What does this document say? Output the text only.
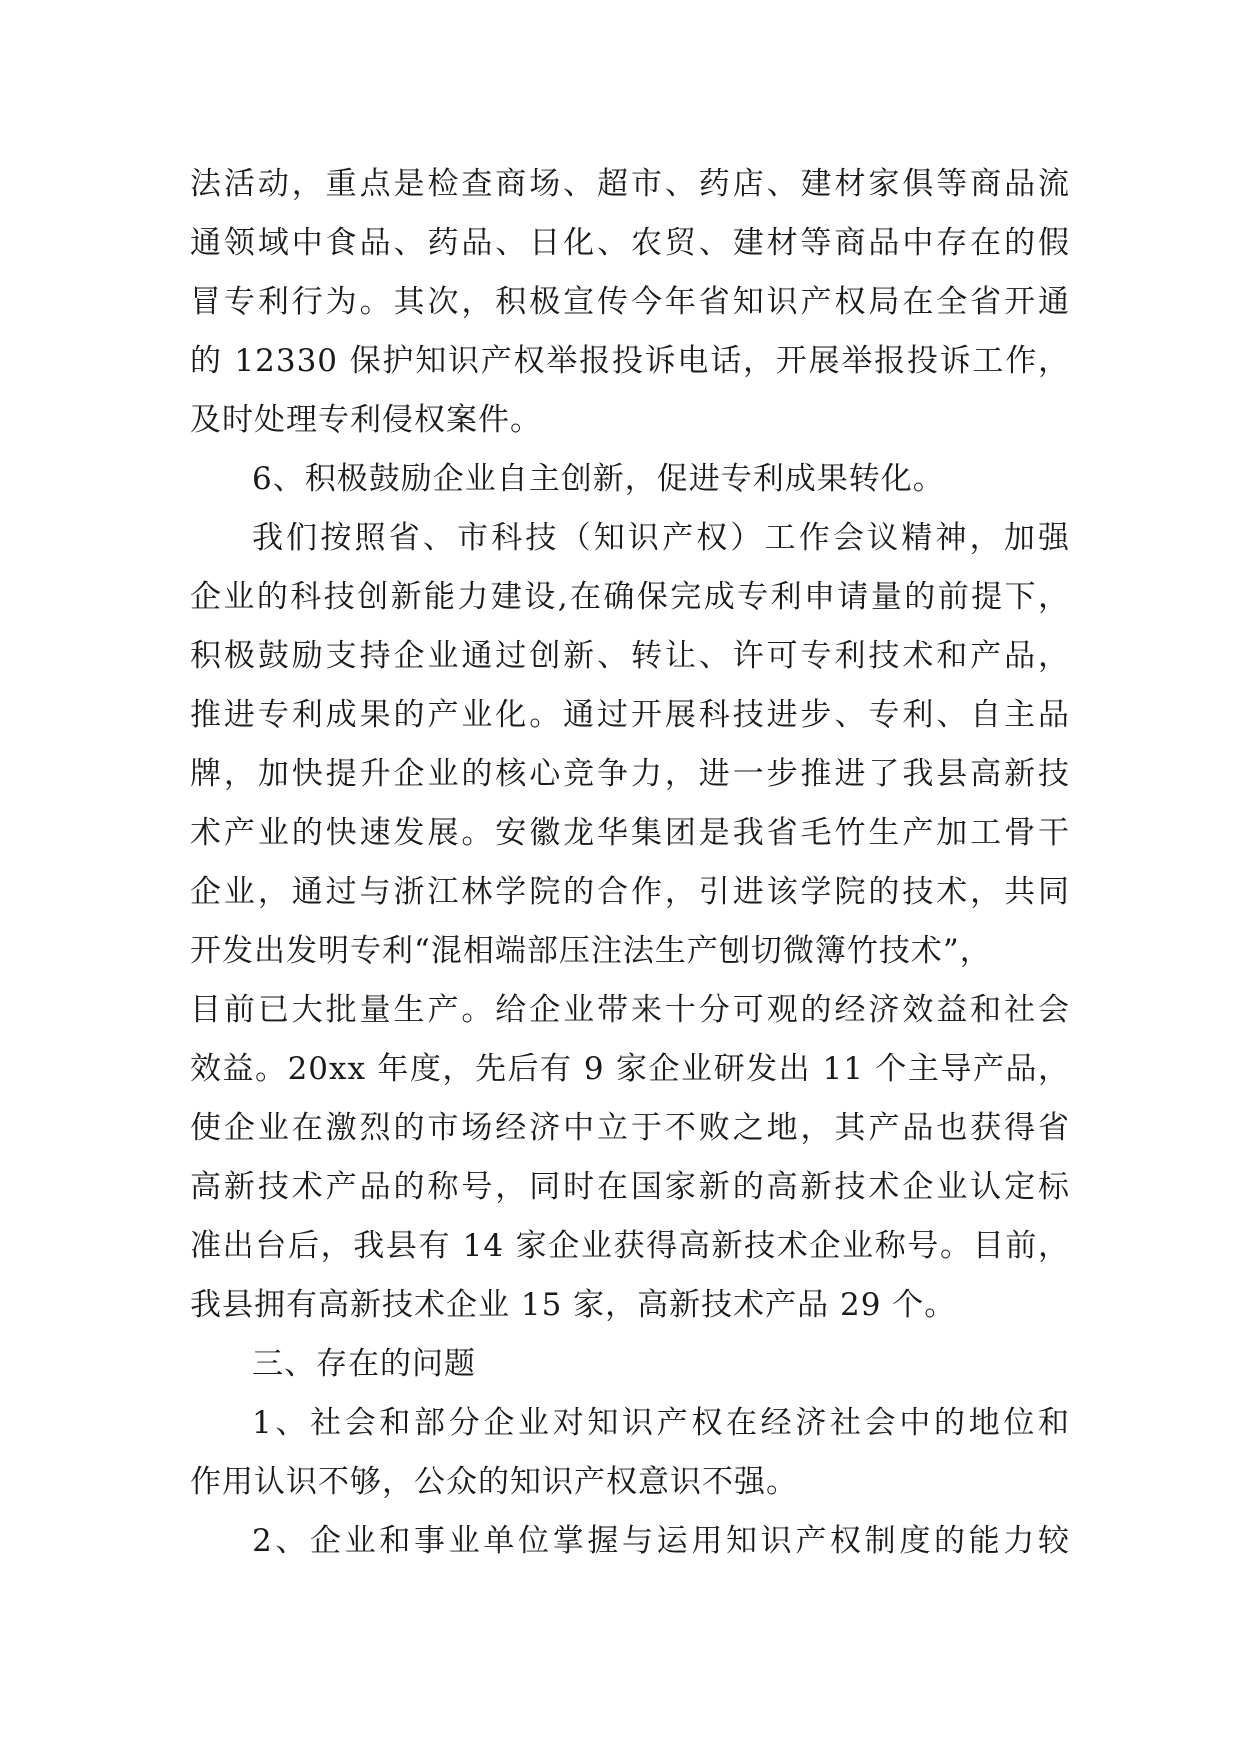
法活动，重点是检查商场、超市、药店、建材家俱等商品流
通领域中食品、药品、日化、农贸、建材等商品中存在的假
冒专利行为。其次，积极宣传今年省知识产权局在全省开通
的 12330 保护知识产权举报投诉电话，开展举报投诉工作，
及时处理专利侵权案件。
6、积极鼓励企业自主创新，促进专利成果转化。
我们按照省、市科技（知识产权）工作会议精神，加强
企业的科技创新能力建设,在确保完成专利申请量的前提下，
积极鼓励支持企业通过创新、转让、许可专利技术和产品，
推进专利成果的产业化。通过开展科技进步、专利、自主品
牌，加快提升企业的核心竞争力，进一步推进了我县高新技
术产业的快速发展。安徽龙华集团是我省毛竹生产加工骨干
企业，通过与浙江林学院的合作，引进该学院的技术，共同
开发出发明专利“混相端部压注法生产刨切微簿竹技术”，
目前已大批量生产。给企业带来十分可观的经济效益和社会
效益。20xx 年度，先后有 9 家企业研发出 11 个主导产品，
使企业在激烈的市场经济中立于不败之地，其产品也获得省
高新技术产品的称号，同时在国家新的高新技术企业认定标
准出台后，我县有 14 家企业获得高新技术企业称号。目前，
我县拥有高新技术企业 15 家，高新技术产品 29 个。
三、存在的问题
1、社会和部分企业对知识产权在经济社会中的地位和
作用认识不够，公众的知识产权意识不强。
2、企业和事业单位掌握与运用知识产权制度的能力较
